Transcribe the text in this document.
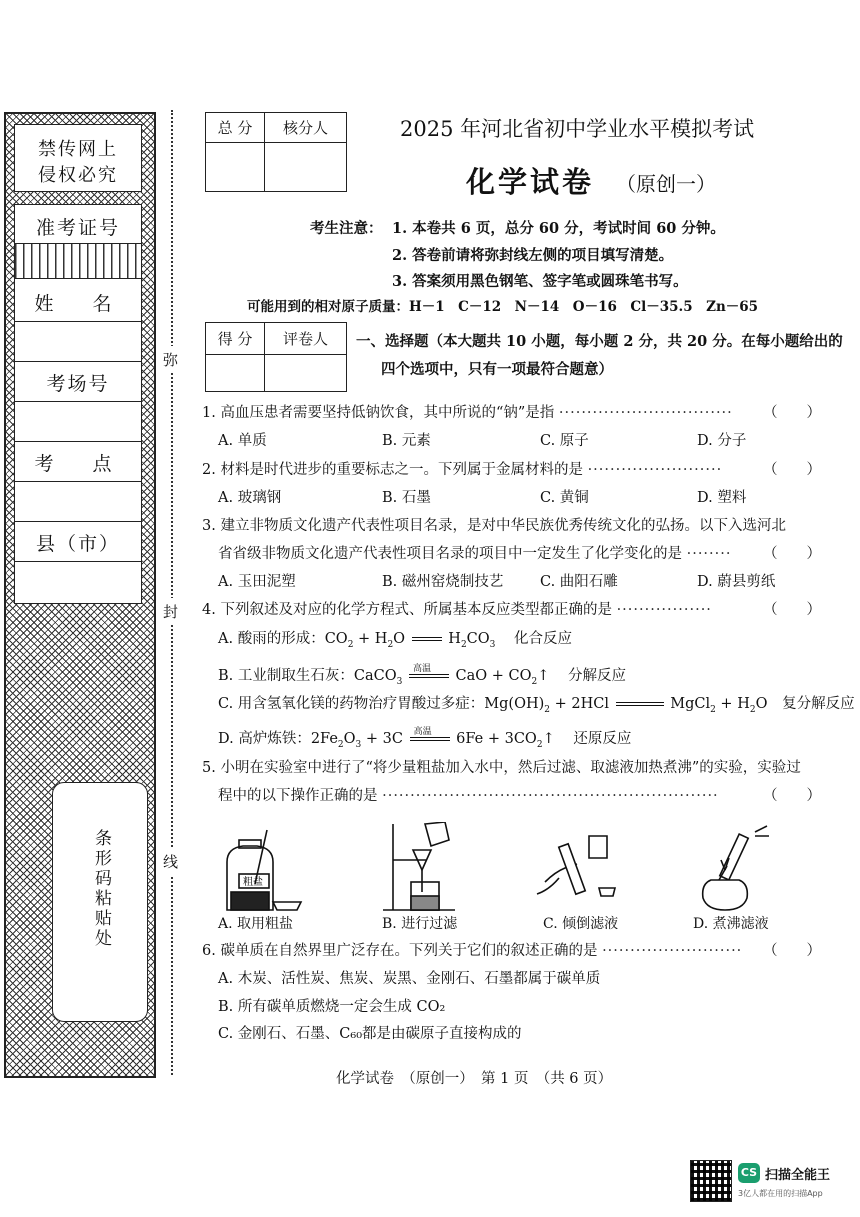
禁传网上
侵权必究
准考证号
姓　名
考场号
考　点
县（市）
条形码粘贴处
弥
封
线
总 分	核分人
		2025 年河北省初中学业水平模拟考试
化学试卷 （原创一）
考生注意： 1. 本卷共 6 页，总分 60 分，考试时间 60 分钟。
2. 答卷前请将弥封线左侧的项目填写清楚。
3. 答案须用黑色钢笔、签字笔或圆珠笔书写。
可能用到的相对原子质量：H－1　C－12　N－14　O－16　Cl－35.5　Zn－65
得 分	评卷人
	一、选择题（本大题共 10 小题，每小题 2 分，共 20 分。在每小题给出的
四个选项中，只有一项最符合题意）
1. 高血压患者需要坚持低钠饮食，其中所说的“钠”是指 ······························· （　　）
A. 单质	B. 元素	C. 原子	D. 分子
2. 材料是时代进步的重要标志之一。下列属于金属材料的是 ························	（　　）
A. 玻璃钢	B. 石墨	C. 黄铜	D. 塑料
3. 建立非物质文化遗产代表性项目名录，是对中华民族优秀传统文化的弘扬。以下入选河北
省省级非物质文化遗产代表性项目名录的项目中一定发生了化学变化的是 ········ （　　）
A. 玉田泥塑	B. 磁州窑烧制技艺	C. 曲阳石雕	D. 蔚县剪纸
4. 下列叙述及对应的化学方程式、所属基本反应类型都正确的是 ·················	（　　）
A. 酸雨的形成：$CO_2 + H_2O$  $H_2CO_3$ 化合反应
B. 工业制取生石灰：CaCO$_3$
高温 CaO + $CO_2↑$ 分解反应
C. 用含氢氧化镁的药物治疗胃酸过多症：$Mg(OH)_2 + 2HCl$	MgCl$_2$ + $H_2O$ 复分解反应
D. 高炉炼铁：$2Fe_2O_3 + 3C$ 高温 $6Fe + 3CO_2↑$ 还原反应
5. 小明在实验室中进行了“将少量粗盐加入水中，然后过滤、取滤液加热煮沸”的实验，实验过
程中的以下操作正确的是 ····························································	（　　）
粗盐
A. 取用粗盐	B. 进行过滤	C. 倾倒滤液	D. 煮沸滤液
6. 碳单质在自然界里广泛存在。下列关于它们的叙述正确的是 ························· （　　）
A. 木炭、活性炭、焦炭、炭黑、金刚石、石墨都属于碳单质
B. 所有碳单质燃烧一定会生成 CO₂
C. 金刚石、石墨、C₆₀都是由碳原子直接构成的
化学试卷　（原创一）　第 1 页　（共 6 页）
CS 扫描全能王
3亿人都在用的扫描App
